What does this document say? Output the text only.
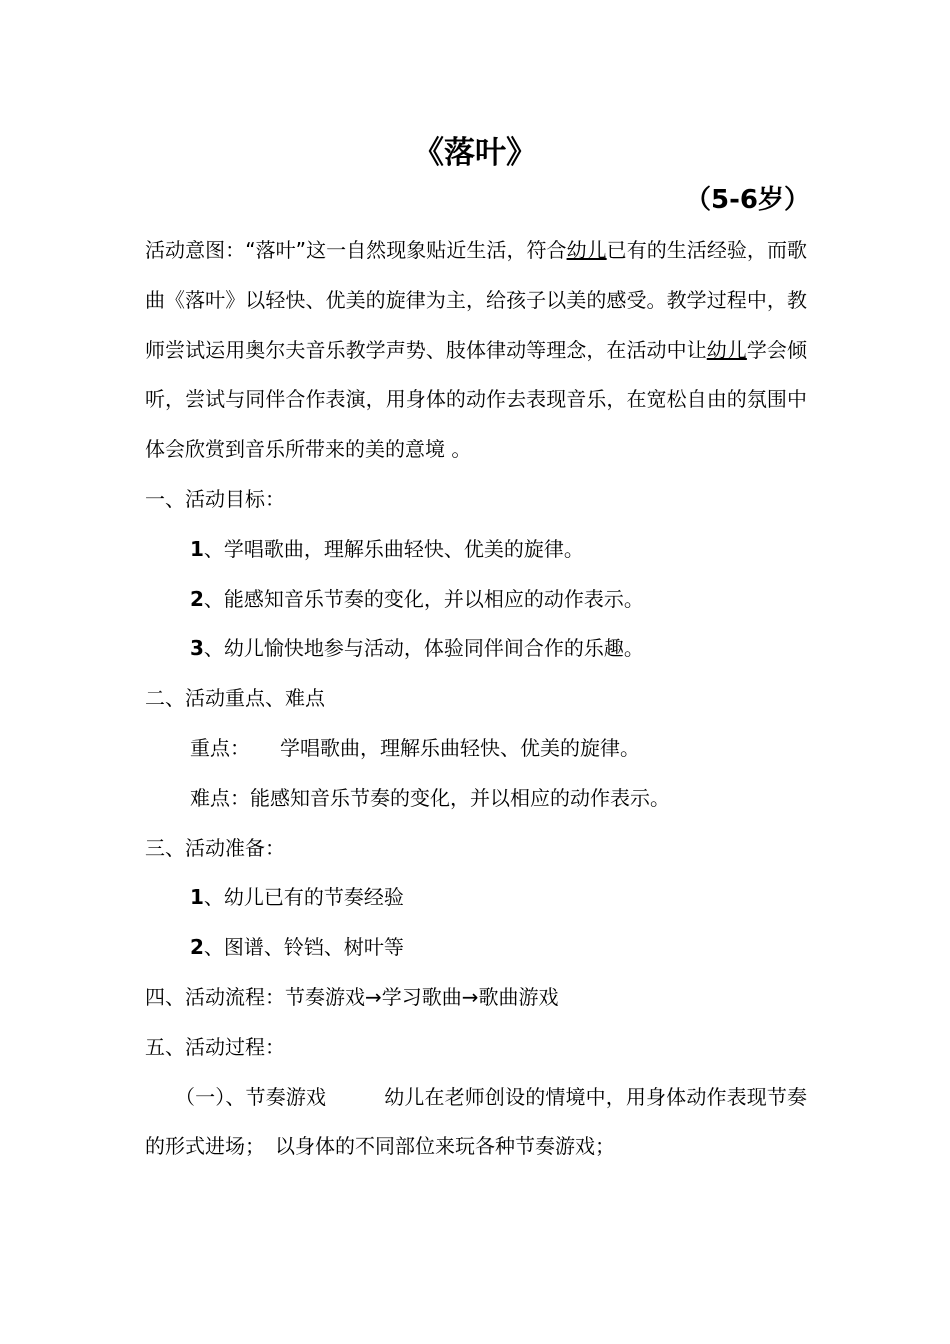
《落叶》
（5-6岁）

活动意图：“落叶”这一自然现象贴近生活，符合幼儿已有的生活经验，而歌曲《落叶》以轻快、优美的旋律为主，给孩子以美的感受。教学过程中，教师尝试运用奥尔夫音乐教学声势、肢体律动等理念，在活动中让幼儿学会倾听，尝试与同伴合作表演，用身体的动作去表现音乐，在宽松自由的氛围中体会欣赏到音乐所带来的美的意境 。

一、活动目标：

1、学唱歌曲，理解乐曲轻快、优美的旋律。

2、能感知音乐节奏的变化，并以相应的动作表示。

3、幼儿愉快地参与活动，体验同伴间合作的乐趣。

二、活动重点、难点

重点： 学唱歌曲，理解乐曲轻快、优美的旋律。

难点：能感知音乐节奏的变化，并以相应的动作表示。

三、活动准备：

1、幼儿已有的节奏经验

2、图谱、铃铛、树叶等

四、活动流程：节奏游戏→学习歌曲→歌曲游戏

五、活动过程：

（一）、节奏游戏	幼儿在老师创设的情境中，用身体动作表现节奏的形式进场；　以身体的不同部位来玩各种节奏游戏；
